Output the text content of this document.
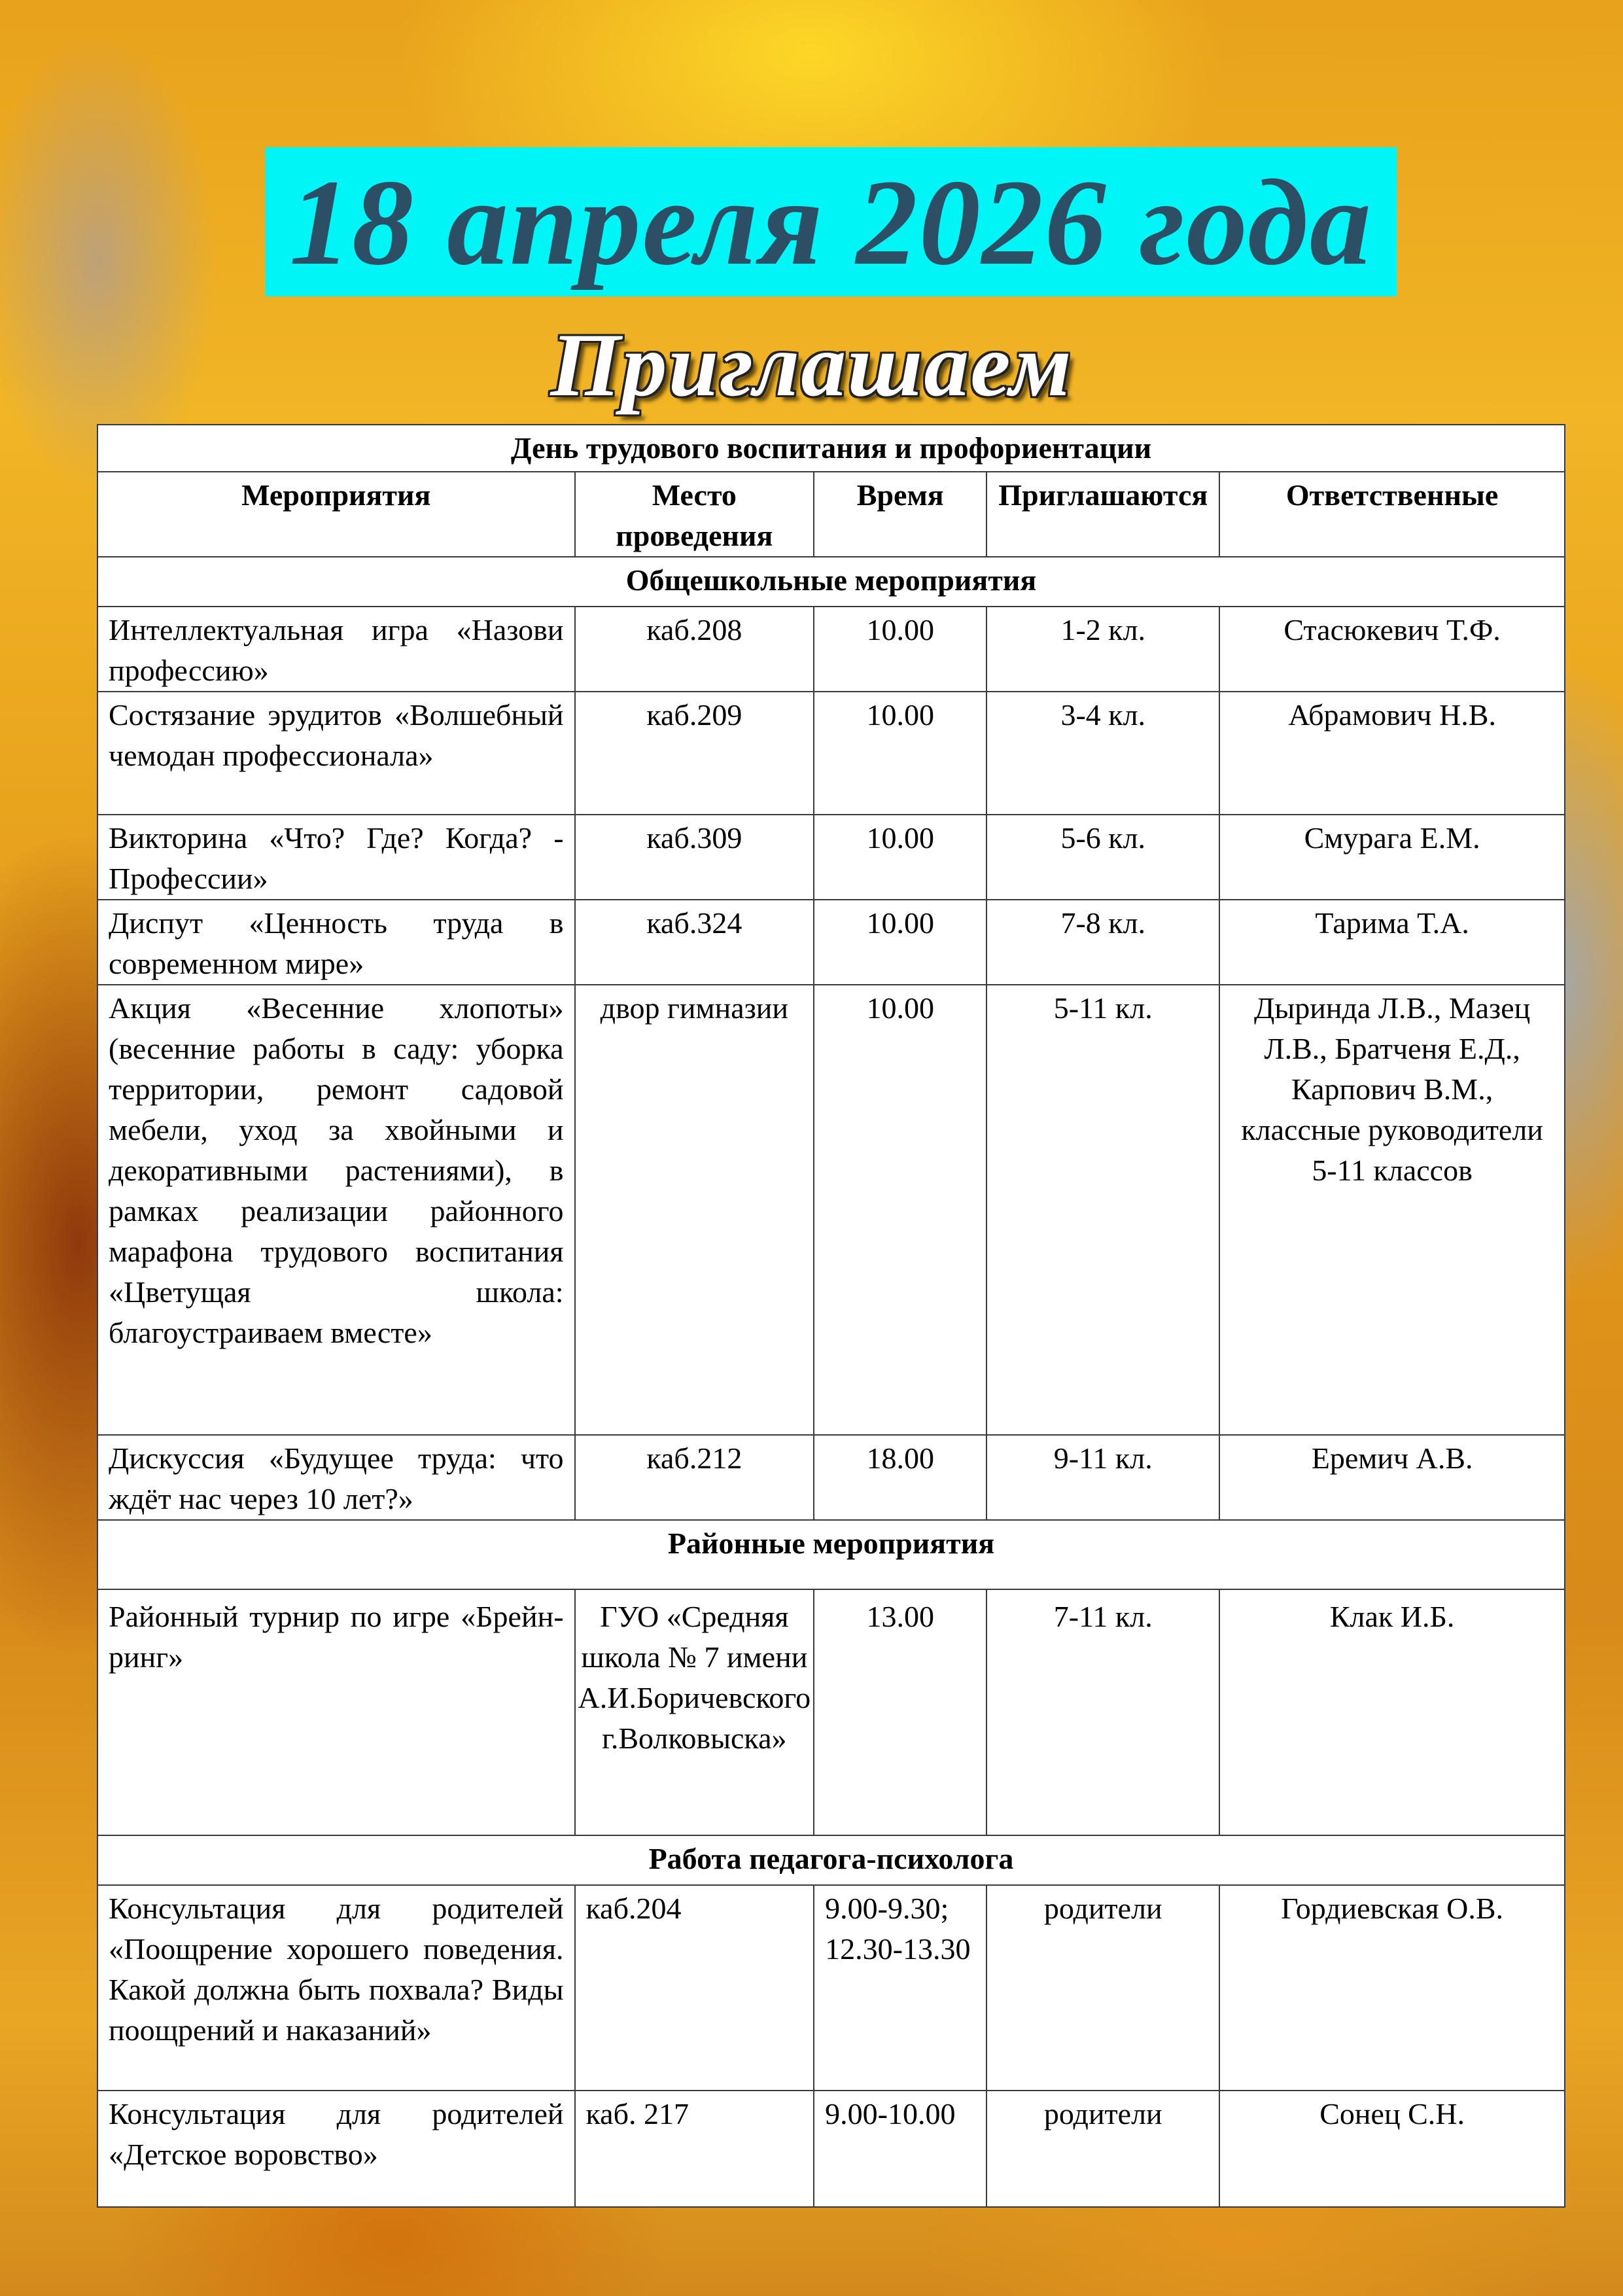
18 апреля 2026 года
Приглашаем
День трудового воспитания и профориентации				
Мероприятия	Место проведения	Время	Приглашаются	Ответственные
Общешкольные мероприятия				
Интеллектуальная игра «Назови профессию»	каб.208	10.00	1-2 кл.	Стасюкевич Т.Ф.
Состязание эрудитов «Волшебный чемодан профессионала»	каб.209	10.00	3-4 кл.	Абрамович Н.В.
Викторина «Что? Где? Когда? - Профессии»	каб.309	10.00	5-6 кл.	Смурага Е.М.
Диспут «Ценность труда в современном мире»	каб.324	10.00	7-8 кл.	Тарима Т.А.
Акция «Весенние хлопоты» (весенние работы в саду: уборка территории, ремонт садовой мебели, уход за хвойными и декоративными растениями), в рамках реализации районного марафона трудового воспитания «Цветущая школа: благоустраиваем вместе»	двор гимназии	10.00	5-11 кл.	Дыринда Л.В., Мазец Л.В., Братченя Е.Д., Карпович В.М., классные руководители 5-11 классов
Дискуссия «Будущее труда: что ждёт нас через 10 лет?»	каб.212	18.00	9-11 кл.	Еремич А.В.
Районные мероприятия				
Районный турнир по игре «Брейн-ринг»	ГУО «Средняя школа № 7 имени А.И.Боричевского г.Волковыска»	13.00	7-11 кл.	Клак И.Б.
Работа педагога-психолога				
Консультация для родителей «Поощрение хорошего поведения. Какой должна быть похвала? Виды поощрений и наказаний»	каб.204	9.00-9.30; 12.30-13.30	родители	Гордиевская О.В.
Консультация для родителей «Детское воровство»	каб. 217	9.00-10.00	родители	Сонец С.Н.
